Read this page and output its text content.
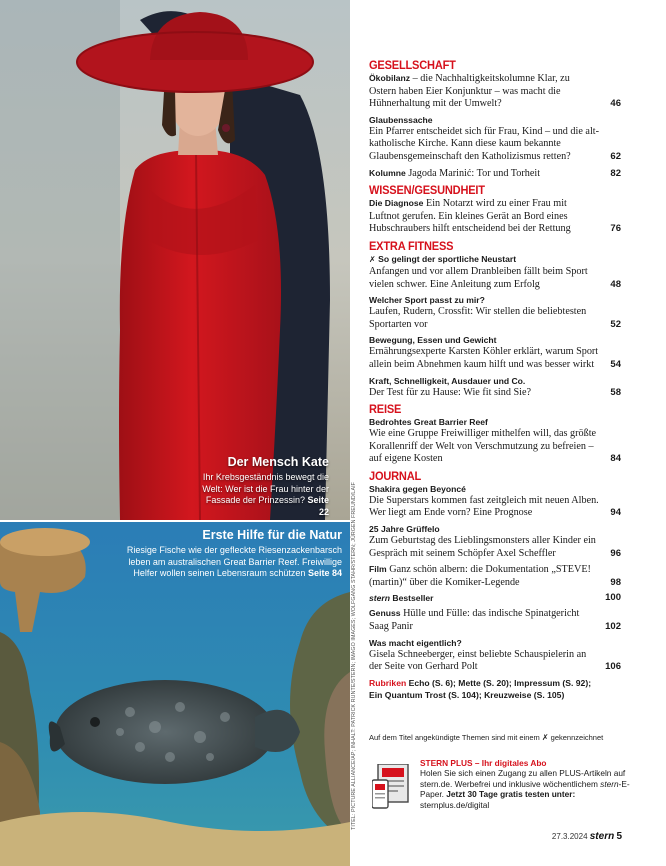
Der Mensch Kate
Ihr Krebsgeständnis bewegt die Welt: Wer ist die Frau hinter der Fassade der Prinzessin? Seite 22
Erste Hilfe für die Natur
Riesige Fische wie der gefleckte Riesenzackenbarsch leben am australischen Great Barrier Reef. Freiwillige Helfer wollen seinen Lebensraum schützen Seite 84 TITEL: PICTURE ALLIANCE/AP; INHALT: PATRICK RUNTE/STERN; IMAGO IMAGES; WOLFGANG STAHR/STERN; JÜRGEN FREUND/LAIF
GESELLSCHAFT
Ökobilanz – die Nachhaltigkeitskolumne Klar, zu Ostern haben Eier Konjunktur – was macht die Hühnerhaltung mit der Umwelt?	46
Glaubenssache
Ein Pfarrer entscheidet sich für Frau, Kind – und die alt-katholische Kirche. Kann diese kaum bekannte Glaubensgemeinschaft den Katholizismus retten?	62
Kolumne Jagoda Marinić: Tor und Torheit	82
WISSEN/GESUNDHEIT
Die Diagnose Ein Notarzt wird zu einer Frau mit Luftnot gerufen. Ein kleines Gerät an Bord eines Hubschraubers hilft entscheidend bei der Rettung	76
EXTRA FITNESS
✗ So gelingt der sportliche Neustart
Anfangen und vor allem Dranbleiben fällt beim Sport vielen schwer. Eine Anleitung zum Erfolg	48
Welcher Sport passt zu mir?
Laufen, Rudern, Crossfit: Wir stellen die beliebtesten Sportarten vor	52
Bewegung, Essen und Gewicht
Ernährungsexperte Karsten Köhler erklärt, warum Sport allein beim Abnehmen kaum hilft und was besser wirkt	54
Kraft, Schnelligkeit, Ausdauer und Co.
Der Test für zu Hause: Wie fit sind Sie?	58
REISE
Bedrohtes Great Barrier Reef
Wie eine Gruppe Freiwilliger mithelfen will, das größte Korallenriff der Welt von Verschmutzung zu befreien – auf eigene Kosten	84
JOURNAL
Shakira gegen Beyoncé
Die Superstars kommen fast zeitgleich mit neuen Alben. Wer liegt am Ende vorn? Eine Prognose	94
25 Jahre Grüffelo
Zum Geburtstag des Lieblingsmonsters aller Kinder ein Gespräch mit seinem Schöpfer Axel Scheffler	96
Film Ganz schön albern: die Dokumentation „STEVE! (martin)“ über die Komiker-Legende	98
stern Bestseller	100
Genuss Hülle und Fülle: das indische Spinatgericht Saag Panir	102
Was macht eigentlich?
Gisela Schneeberger, einst beliebte Schauspielerin an der Seite von Gerhard Polt	106
Rubriken Echo (S. 6); Mette (S. 20); Impressum (S. 92);
Ein Quantum Trost (S. 104); Kreuzweise (S. 105)
Auf dem Titel angekündigte Themen sind mit einem ✗ gekennzeichnet
STERN PLUS – Ihr digitales Abo
Holen Sie sich einen Zugang zu allen PLUS-Artikeln auf stern.de. Werbefrei und inklusive wöchentlichem stern-E-Paper. Jetzt 30 Tage gratis testen unter:
sternplus.de/digital
27.3.2024 stern 5
